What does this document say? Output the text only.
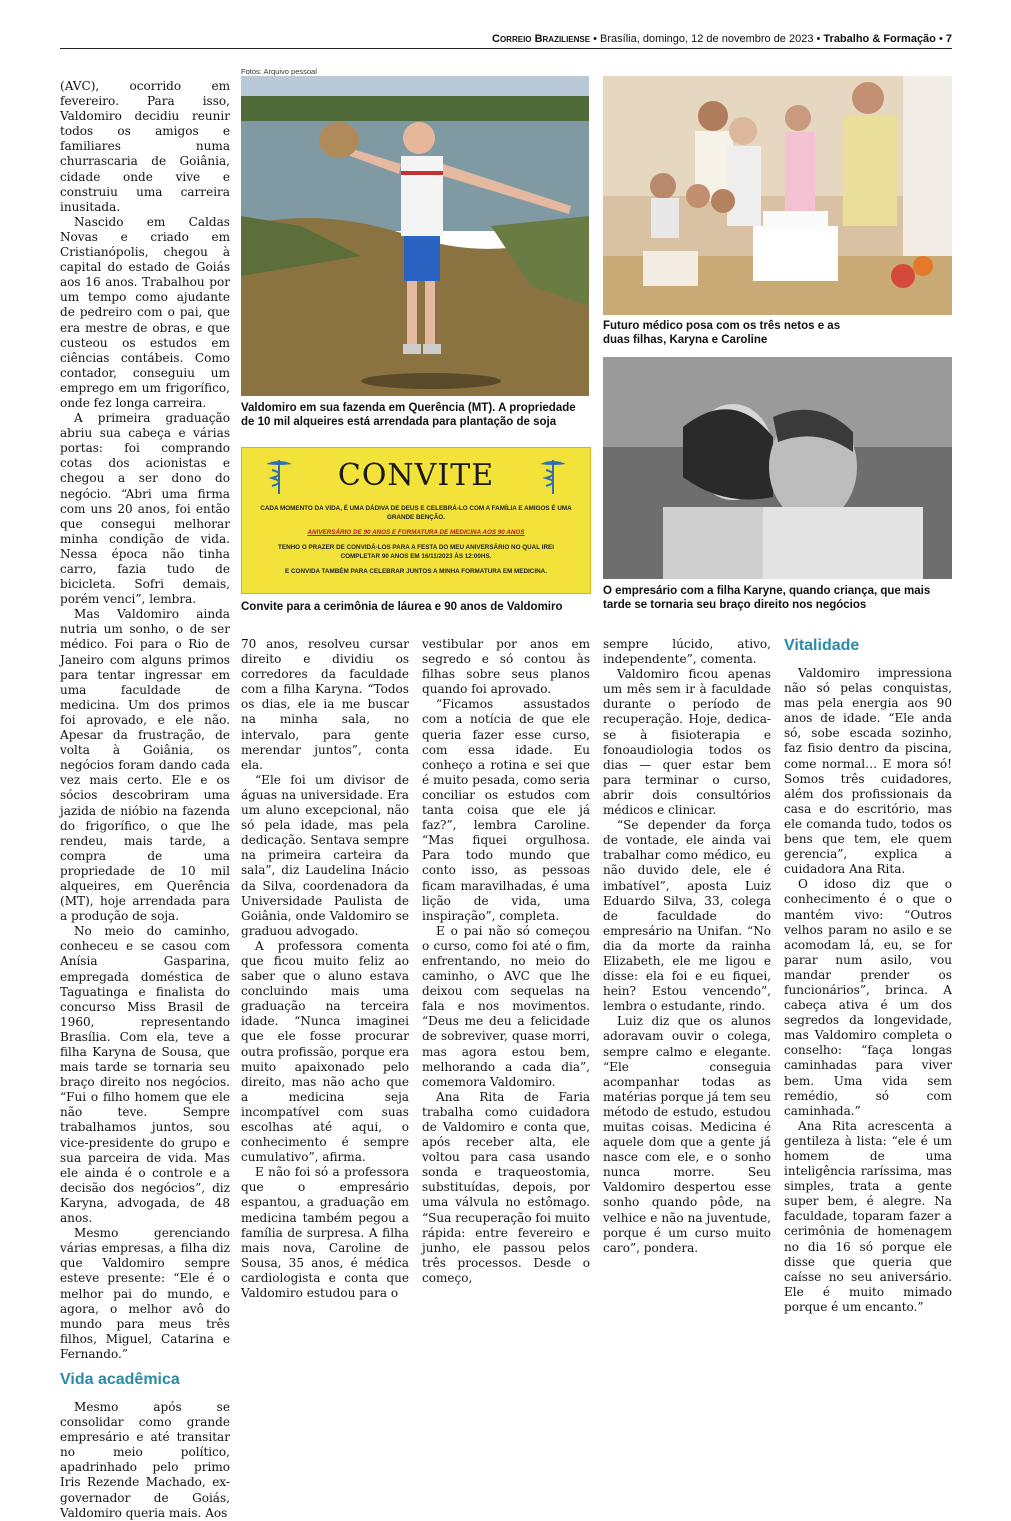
Correio Braziliense • Brasília, domingo, 12 de novembro de 2023 • Trabalho & Formação • 7

(AVC), ocorrido em fevereiro. Para isso, Valdomiro decidiu reunir todos os amigos e familiares numa churrascaria de Goiânia, cidade onde vive e construiu uma carreira inusitada.

Nascido em Caldas Novas e criado em Cristianópolis, chegou à capital do estado de Goiás aos 16 anos. Trabalhou por um tempo como ajudante de pedreiro com o pai, que era mestre de obras, e que custeou os estudos em ciências contábeis. Como contador, conseguiu um emprego em um frigorífico, onde fez longa carreira.

A primeira graduação abriu sua cabeça e várias portas: foi comprando cotas dos acionistas e chegou a ser dono do negócio. “Abri uma firma com uns 20 anos, foi então que consegui melhorar minha condição de vida. Nessa época não tinha carro, fazia tudo de bicicleta. Sofri demais, porém venci”, lembra.

Mas Valdomiro ainda nutria um sonho, o de ser médico. Foi para o Rio de Janeiro com alguns primos para tentar ingressar em uma faculdade de medicina. Um dos primos foi aprovado, e ele não. Apesar da frustração, de volta à Goiânia, os negócios foram dando cada vez mais certo. Ele e os sócios descobriram uma jazida de nióbio na fazenda do frigorífico, o que lhe rendeu, mais tarde, a compra de uma propriedade de 10 mil alqueires, em Querência (MT), hoje arrendada para a produção de soja.

No meio do caminho, conheceu e se casou com Anísia Gasparina, empregada doméstica de Taguatinga e finalista do concurso Miss Brasil de 1960, representando Brasília. Com ela, teve a filha Karyna de Sousa, que mais tarde se tornaria seu braço direito nos negócios. “Fui o filho homem que ele não teve. Sempre trabalhamos juntos, sou vice-presidente do grupo e sua parceira de vida. Mas ele ainda é o controle e a decisão dos negócios”, diz Karyna, advogada, de 48 anos.

Mesmo gerenciando várias empresas, a filha diz que Valdomiro sempre esteve presente: “Ele é o melhor pai do mundo, e agora, o melhor avô do mundo para meus três filhos, Miguel, Catarina e Fernando.”

Vida acadêmica

Mesmo após se consolidar como grande empresário e até transitar no meio político, apadrinhado pelo primo Iris Rezende Machado, ex-governador de Goiás, Valdomiro queria mais. Aos

Fotos: Arquivo pessoal
Valdomiro em sua fazenda em Querência (MT). A propriedade de 10 mil alqueires está arrendada para plantação de soja
CONVITE
CADA MOMENTO DA VIDA, É UMA DÁDIVA DE DEUS E CELEBRÁ-LO COM A FAMÍLIA E AMIGOS É UMA GRANDE BENÇÃO.
ANIVERSÁRIO DE 90 ANOS E FORMATURA DE MEDICINA AOS 90 ANOS
TENHO O PRAZER DE CONVIDÁ-LOS PARA A FESTA DO MEU ANIVERSÁRIO NO QUAL IREI COMPLETAR 90 ANOS EM 16/11/2023 ÀS 12:00HS.
E CONVIDA TAMBÉM PARA CELEBRAR JUNTOS A MINHA FORMATURA EM MEDICINA.
Convite para a cerimônia de láurea e 90 anos de Valdomiro
Futuro médico posa com os três netos e as duas filhas, Karyna e Caroline
O empresário com a filha Karyne, quando criança, que mais tarde se tornaria seu braço direito nos negócios

70 anos, resolveu cursar direito e dividiu os corredores da faculdade com a filha Karyna. “Todos os dias, ele ia me buscar na minha sala, no intervalo, para gente merendar juntos”, conta ela.

“Ele foi um divisor de águas na universidade. Era um aluno excepcional, não só pela idade, mas pela dedicação. Sentava sempre na primeira carteira da sala”, diz Laudelina Inácio da Silva, coordenadora da Universidade Paulista de Goiânia, onde Valdomiro se graduou advogado.

A professora comenta que ficou muito feliz ao saber que o aluno estava concluindo mais uma graduação na terceira idade. “Nunca imaginei que ele fosse procurar outra profissão, porque era muito apaixonado pelo direito, mas não acho que a medicina seja incompatível com suas escolhas até aqui, o conhecimento é sempre cumulativo”, afirma.

E não foi só a professora que o empresário espantou, a graduação em medicina também pegou a família de surpresa. A filha mais nova, Caroline de Sousa, 35 anos, é médica cardiologista e conta que Valdomiro estudou para o

vestibular por anos em segredo e só contou às filhas sobre seus planos quando foi aprovado.

“Ficamos assustados com a notícia de que ele queria fazer esse curso, com essa idade. Eu conheço a rotina e sei que é muito pesada, como seria conciliar os estudos com tanta coisa que ele já faz?”, lembra Caroline. “Mas fiquei orgulhosa. Para todo mundo que conto isso, as pessoas ficam maravilhadas, é uma lição de vida, uma inspiração”, completa.

E o pai não só começou o curso, como foi até o fim, enfrentando, no meio do caminho, o AVC que lhe deixou com sequelas na fala e nos movimentos. “Deus me deu a felicidade de sobreviver, quase morri, mas agora estou bem, melhorando a cada dia”, comemora Valdomiro.

Ana Rita de Faria trabalha como cuidadora de Valdomiro e conta que, após receber alta, ele voltou para casa usando sonda e traqueostomia, substituídas, depois, por uma válvula no estômago. “Sua recuperação foi muito rápida: entre fevereiro e junho, ele passou pelos três processos. Desde o começo,

sempre lúcido, ativo, independente”, comenta.

Valdomiro ficou apenas um mês sem ir à faculdade durante o período de recuperação. Hoje, dedica-se à fisioterapia e fonoaudiologia todos os dias — quer estar bem para terminar o curso, abrir dois consultórios médicos e clinicar.

“Se depender da força de vontade, ele ainda vai trabalhar como médico, eu não duvido dele, ele é imbatível”, aposta Luiz Eduardo Silva, 33, colega de faculdade do empresário na Unifan. “No dia da morte da rainha Elizabeth, ele me ligou e disse: ela foi e eu fiquei, hein? Estou vencendo”, lembra o estudante, rindo.

Luiz diz que os alunos adoravam ouvir o colega, sempre calmo e elegante. “Ele conseguia acompanhar todas as matérias porque já tem seu método de estudo, estudou muitas coisas. Medicina é aquele dom que a gente já nasce com ele, e o sonho nunca morre. Seu Valdomiro despertou esse sonho quando pôde, na velhice e não na juventude, porque é um curso muito caro”, pondera.

Vitalidade

Valdomiro impressiona não só pelas conquistas, mas pela energia aos 90 anos de idade. “Ele anda só, sobe escada sozinho, faz fisio dentro da piscina, come normal… E mora só! Somos três cuidadores, além dos profissionais da casa e do escritório, mas ele comanda tudo, todos os bens que tem, ele quem gerencia”, explica a cuidadora Ana Rita.

O idoso diz que o conhecimento é o que o mantém vivo: “Outros velhos param no asilo e se acomodam lá, eu, se for parar num asilo, vou mandar prender os funcionários”, brinca. A cabeça ativa é um dos segredos da longevidade, mas Valdomiro completa o conselho: “faça longas caminhadas para viver bem. Uma vida sem remédio, só com caminhada.”

Ana Rita acrescenta a gentileza à lista: “ele é um homem de uma inteligência raríssima, mas simples, trata a gente super bem, é alegre. Na faculdade, toparam fazer a cerimônia de homenagem no dia 16 só porque ele disse que queria que caísse no seu aniversário. Ele é muito mimado porque é um encanto.”
